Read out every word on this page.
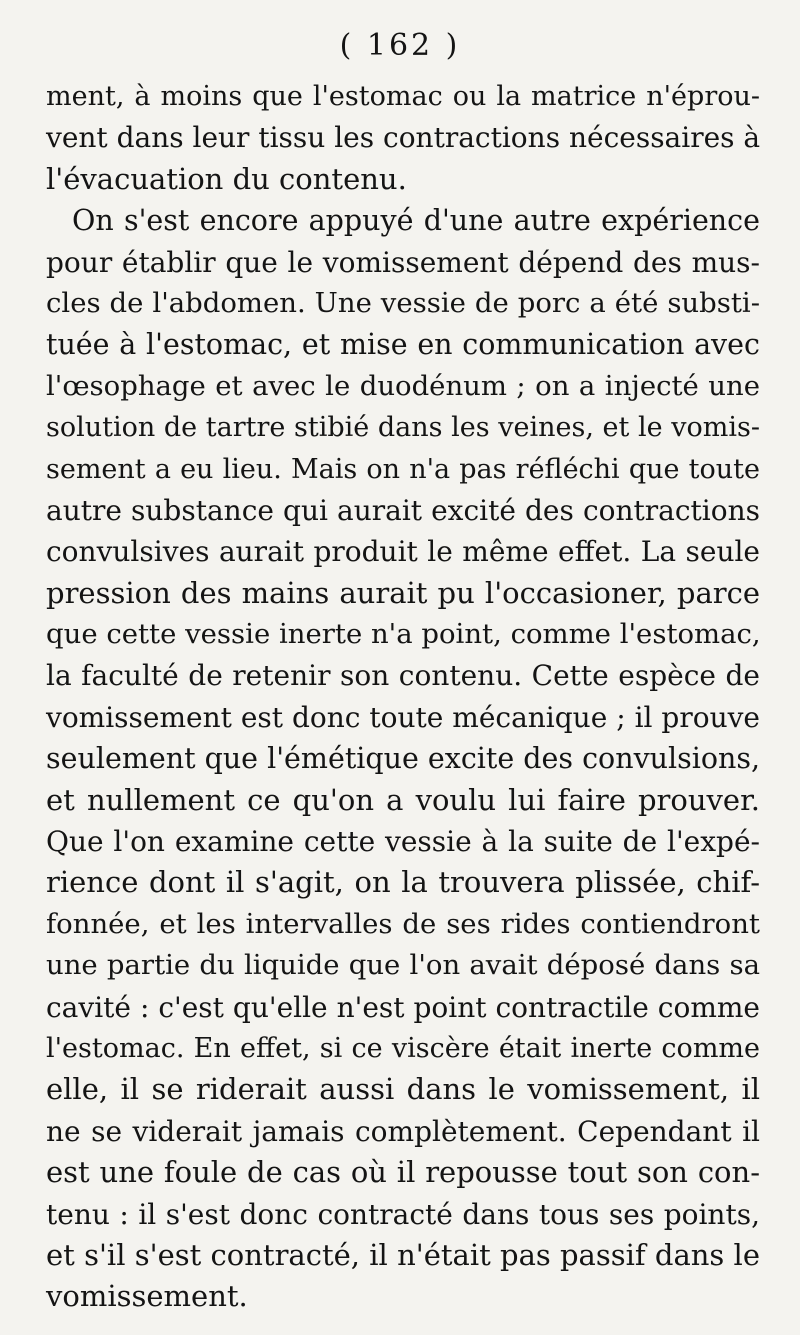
( 162 )
ment, à moins que l'estomac ou la matrice n'éprou-
vent dans leur tissu les contractions nécessaires à
l'évacuation du contenu.
On s'est encore appuyé d'une autre expérience
pour établir que le vomissement dépend des mus-
cles de l'abdomen. Une vessie de porc a été substi-
tuée à l'estomac, et mise en communication avec
l'œsophage et avec le duodénum ; on a injecté une
solution de tartre stibié dans les veines, et le vomis-
sement a eu lieu. Mais on n'a pas réfléchi que toute
autre substance qui aurait excité des contractions
convulsives aurait produit le même effet. La seule
pression des mains aurait pu l'occasioner, parce
que cette vessie inerte n'a point, comme l'estomac,
la faculté de retenir son contenu. Cette espèce de
vomissement est donc toute mécanique ; il prouve
seulement que l'émétique excite des convulsions,
et nullement ce qu'on a voulu lui faire prouver.
Que l'on examine cette vessie à la suite de l'expé-
rience dont il s'agit, on la trouvera plissée, chif-
fonnée, et les intervalles de ses rides contiendront
une partie du liquide que l'on avait déposé dans sa
cavité : c'est qu'elle n'est point contractile comme
l'estomac. En effet, si ce viscère était inerte comme
elle, il se riderait aussi dans le vomissement, il
ne se viderait jamais complètement. Cependant il
est une foule de cas où il repousse tout son con-
tenu : il s'est donc contracté dans tous ses points,
et s'il s'est contracté, il n'était pas passif dans le
vomissement.
